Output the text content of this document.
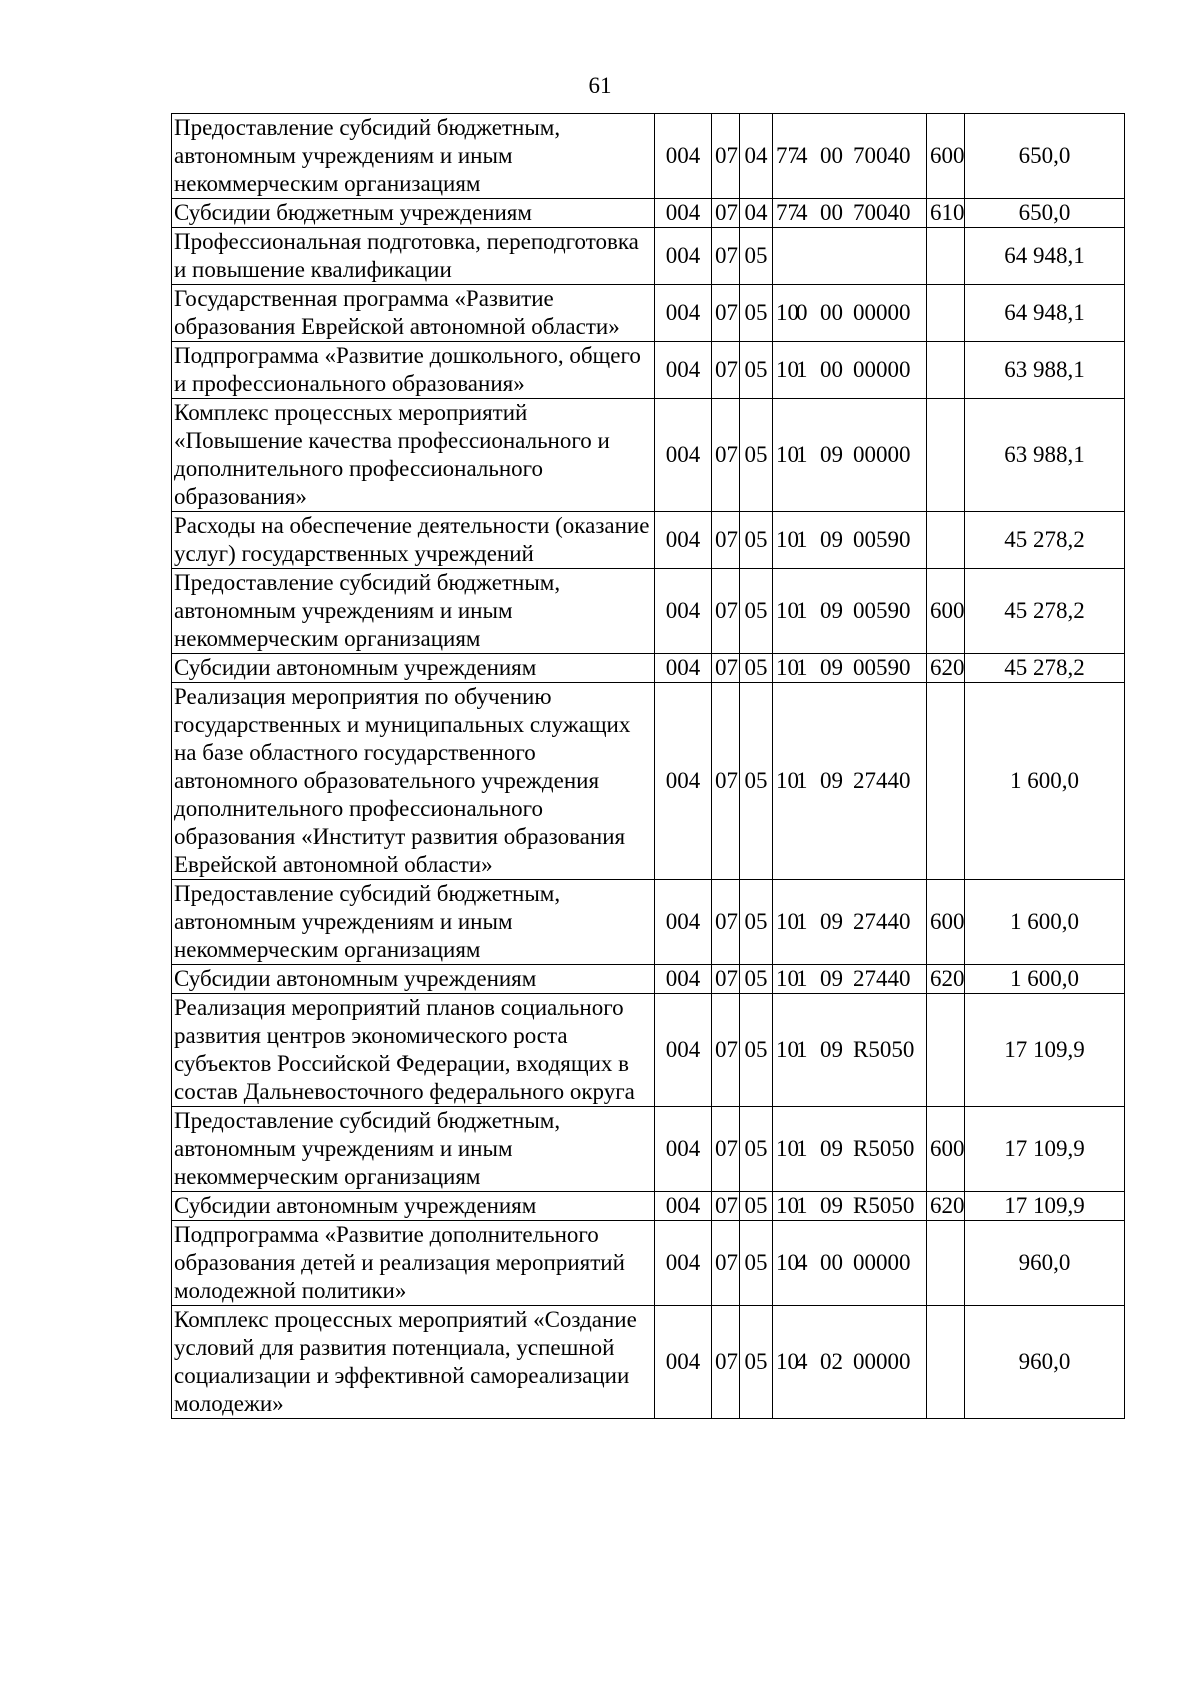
61
Предоставление субсидий бюджетным, автономным учреждениям и иным некоммерческим организациям	004	07	04	774 00 70040	600	650,0
Субсидии бюджетным учреждениям	004	07	04	774 00 70040	610	650,0
Профессиональная подготовка, переподготовка и повышение квалификации	004	07	05			64 948,1
Государственная программа «Развитие образования Еврейской автономной области»	004	07	05	100 00 00000		64 948,1
Подпрограмма «Развитие дошкольного, общего и профессионального образования»	004	07	05	101 00 00000		63 988,1
Комплекс процессных мероприятий «Повышение качества профессионального и дополнительного профессионального образования»	004	07	05	101 09 00000		63 988,1
Расходы на обеспечение деятельности (оказание услуг) государственных учреждений	004	07	05	101 09 00590		45 278,2
Предоставление субсидий бюджетным, автономным учреждениям и иным некоммерческим организациям	004	07	05	101 09 00590	600	45 278,2
Субсидии автономным учреждениям	004	07	05	101 09 00590	620	45 278,2
Реализация мероприятия по обучению государственных и муниципальных служащих на базе областного государственного автономного образовательного учреждения дополнительного профессионального образования «Институт развития образования Еврейской автономной области»	004	07	05	101 09 27440		1 600,0
Предоставление субсидий бюджетным, автономным учреждениям и иным некоммерческим организациям	004	07	05	101 09 27440	600	1 600,0
Субсидии автономным учреждениям	004	07	05	101 09 27440	620	1 600,0
Реализация мероприятий планов социального развития центров экономического роста субъектов Российской Федерации, входящих в состав Дальневосточного федерального округа	004	07	05	101 09 R5050		17 109,9
Предоставление субсидий бюджетным, автономным учреждениям и иным некоммерческим организациям	004	07	05	101 09 R5050	600	17 109,9
Субсидии автономным учреждениям	004	07	05	101 09 R5050	620	17 109,9
Подпрограмма «Развитие дополнительного образования детей и реализация мероприятий молодежной политики»	004	07	05	104 00 00000		960,0
Комплекс процессных мероприятий «Создание условий для развития потенциала, успешной социализации и эффективной самореализации молодежи»	004	07	05	104 02 00000		960,0
